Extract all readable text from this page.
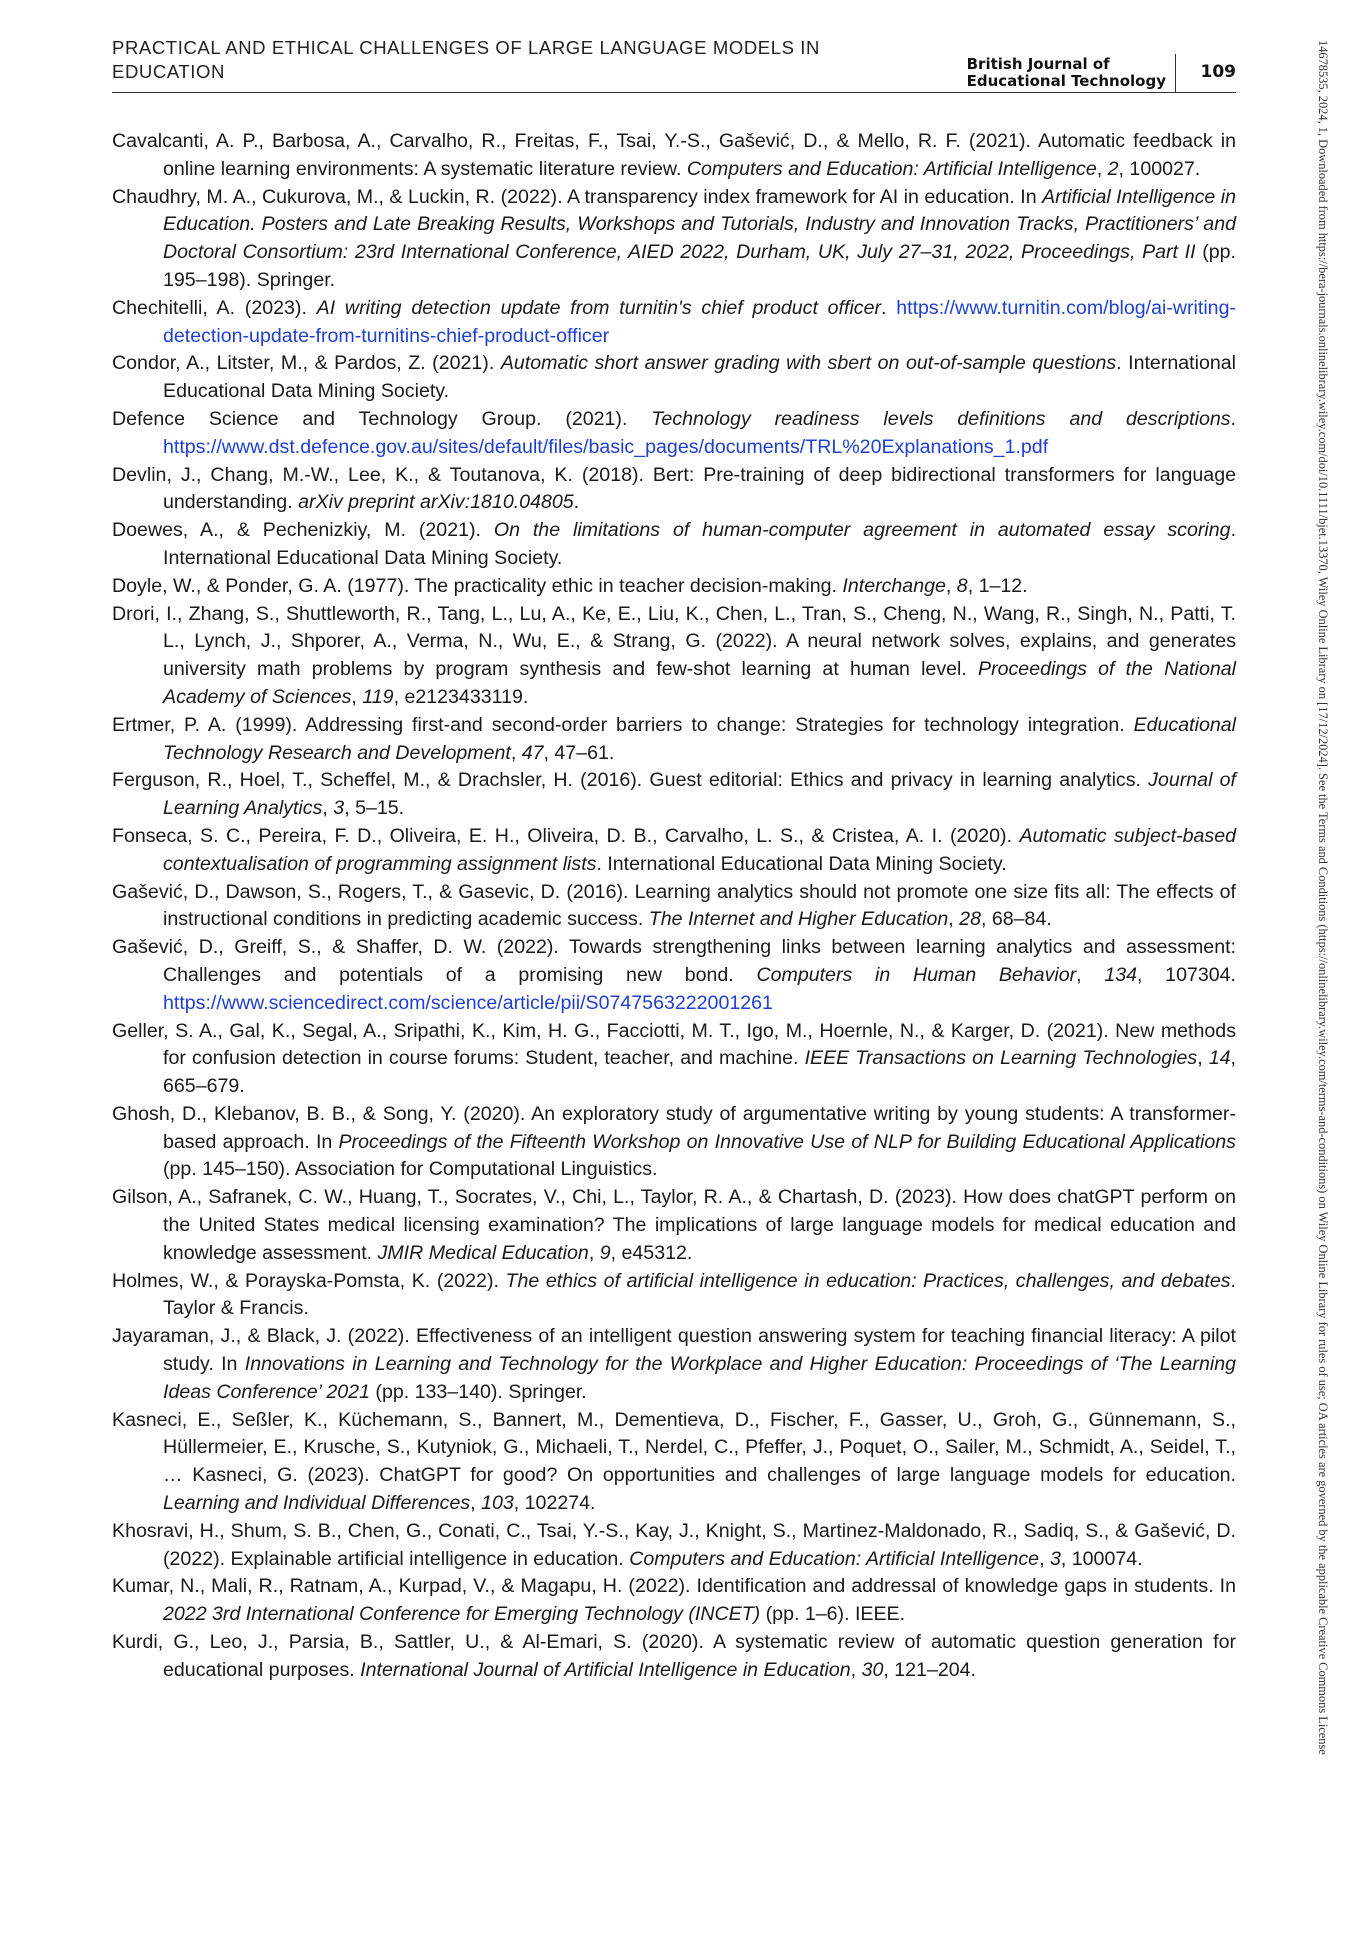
PRACTICAL AND ETHICAL CHALLENGES OF LARGE LANGUAGE MODELS IN EDUCATION	British Journal of
Educational Technology	109
Cavalcanti, A. P., Barbosa, A., Carvalho, R., Freitas, F., Tsai, Y.-S., Gašević, D., & Mello, R. F. (2021). Automatic feedback in online learning environments: A systematic literature review. Computers and Education: Artificial Intelligence, 2, 100027.
Chaudhry, M. A., Cukurova, M., & Luckin, R. (2022). A transparency index framework for AI in education. In Artificial Intelligence in Education. Posters and Late Breaking Results, Workshops and Tutorials, Industry and Innovation Tracks, Practitioners’ and Doctoral Consortium: 23rd International Conference, AIED 2022, Durham, UK, July 27–31, 2022, Proceedings, Part II (pp. 195–198). Springer.
Chechitelli, A. (2023). AI writing detection update from turnitin's chief product officer. https://www.turnitin.com/blog/ai-writing-detection-update-from-turnitins-chief-product-officer
Condor, A., Litster, M., & Pardos, Z. (2021). Automatic short answer grading with sbert on out-of-sample questions. International Educational Data Mining Society.
Defence Science and Technology Group. (2021). Technology readiness levels definitions and descriptions. https://www.dst.defence.gov.au/sites/default/files/basic_pages/documents/TRL%20Explanations_1.pdf
Devlin, J., Chang, M.-W., Lee, K., & Toutanova, K. (2018). Bert: Pre-training of deep bidirectional transformers for language understanding. arXiv preprint arXiv:1810.04805.
Doewes, A., & Pechenizkiy, M. (2021). On the limitations of human-computer agreement in automated essay scoring. International Educational Data Mining Society.
Doyle, W., & Ponder, G. A. (1977). The practicality ethic in teacher decision-making. Interchange, 8, 1–12.
Drori, I., Zhang, S., Shuttleworth, R., Tang, L., Lu, A., Ke, E., Liu, K., Chen, L., Tran, S., Cheng, N., Wang, R., Singh, N., Patti, T. L., Lynch, J., Shporer, A., Verma, N., Wu, E., & Strang, G. (2022). A neural network solves, explains, and generates university math problems by program synthesis and few-shot learning at human level. Proceedings of the National Academy of Sciences, 119, e2123433119.
Ertmer, P. A. (1999). Addressing first-and second-order barriers to change: Strategies for technology integration. Educational Technology Research and Development, 47, 47–61.
Ferguson, R., Hoel, T., Scheffel, M., & Drachsler, H. (2016). Guest editorial: Ethics and privacy in learning analytics. Journal of Learning Analytics, 3, 5–15.
Fonseca, S. C., Pereira, F. D., Oliveira, E. H., Oliveira, D. B., Carvalho, L. S., & Cristea, A. I. (2020). Automatic subject-based contextualisation of programming assignment lists. International Educational Data Mining Society.
Gašević, D., Dawson, S., Rogers, T., & Gasevic, D. (2016). Learning analytics should not promote one size fits all: The effects of instructional conditions in predicting academic success. The Internet and Higher Education, 28, 68–84.
Gašević, D., Greiff, S., & Shaffer, D. W. (2022). Towards strengthening links between learning analytics and assessment: Challenges and potentials of a promising new bond. Computers in Human Behavior, 134, 107304. https://www.sciencedirect.com/science/article/pii/S0747563222001261
Geller, S. A., Gal, K., Segal, A., Sripathi, K., Kim, H. G., Facciotti, M. T., Igo, M., Hoernle, N., & Karger, D. (2021). New methods for confusion detection in course forums: Student, teacher, and machine. IEEE Transactions on Learning Technologies, 14, 665–679.
Ghosh, D., Klebanov, B. B., & Song, Y. (2020). An exploratory study of argumentative writing by young students: A transformer-based approach. In Proceedings of the Fifteenth Workshop on Innovative Use of NLP for Building Educational Applications (pp. 145–150). Association for Computational Linguistics.
Gilson, A., Safranek, C. W., Huang, T., Socrates, V., Chi, L., Taylor, R. A., & Chartash, D. (2023). How does chatGPT perform on the United States medical licensing examination? The implications of large language models for medical education and knowledge assessment. JMIR Medical Education, 9, e45312.
Holmes, W., & Porayska-Pomsta, K. (2022). The ethics of artificial intelligence in education: Practices, challenges, and debates. Taylor & Francis.
Jayaraman, J., & Black, J. (2022). Effectiveness of an intelligent question answering system for teaching financial literacy: A pilot study. In Innovations in Learning and Technology for the Workplace and Higher Education: Proceedings of ‘The Learning Ideas Conference’ 2021 (pp. 133–140). Springer.
Kasneci, E., Seßler, K., Küchemann, S., Bannert, M., Dementieva, D., Fischer, F., Gasser, U., Groh, G., Günnemann, S., Hüllermeier, E., Krusche, S., Kutyniok, G., Michaeli, T., Nerdel, C., Pfeffer, J., Poquet, O., Sailer, M., Schmidt, A., Seidel, T., … Kasneci, G. (2023). ChatGPT for good? On opportunities and challenges of large language models for education. Learning and Individual Differences, 103, 102274.
Khosravi, H., Shum, S. B., Chen, G., Conati, C., Tsai, Y.-S., Kay, J., Knight, S., Martinez-Maldonado, R., Sadiq, S., & Gašević, D. (2022). Explainable artificial intelligence in education. Computers and Education: Artificial Intelligence, 3, 100074.
Kumar, N., Mali, R., Ratnam, A., Kurpad, V., & Magapu, H. (2022). Identification and addressal of knowledge gaps in students. In 2022 3rd International Conference for Emerging Technology (INCET) (pp. 1–6). IEEE.
Kurdi, G., Leo, J., Parsia, B., Sattler, U., & Al-Emari, S. (2020). A systematic review of automatic question generation for educational purposes. International Journal of Artificial Intelligence in Education, 30, 121–204.	14678535, 2024, 1, Downloaded from https://bera-journals.onlinelibrary.wiley.com/doi/10.1111/bjet.13370, Wiley Online Library on [17/12/2024]. See the Terms and Conditions (https://onlinelibrary.wiley.com/terms-and-conditions) on Wiley Online Library for rules of use; OA articles are governed by the applicable Creative Commons License
